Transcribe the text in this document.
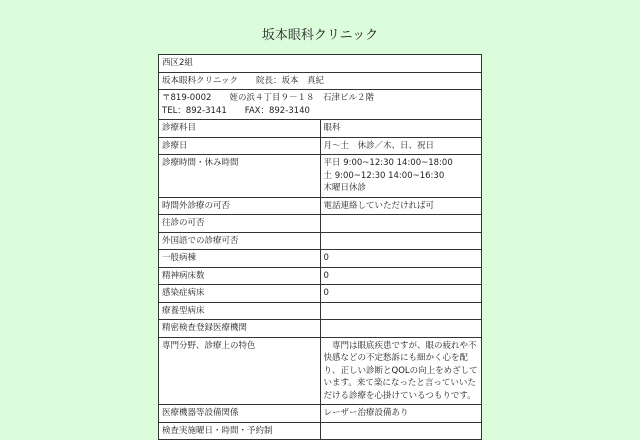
坂本眼科クリニック
西区2組	
坂本眼科クリニック 院長：坂本　真紀	

〒819-0002 姪の浜４丁目９－１８　石津ビル２階
TEL：892-3141 FAX：892-3140	

診療科目	眼科
診療日	月～土　休診／木、日、祝日
診療時間・休み時間	平日 9:00~12:30 14:00~18:00
土 9:00~12:30 14:00~16:30
木曜日休診

時間外診療の可否	電話連絡していただければ可
往診の可否	
外国語での診療可否	
一般病棟	0
精神病床数	0
感染症病床	0
療養型病床	
精密検査登録医療機関	
専門分野、診療上の特色	専門は眼底疾患ですが、眼の疲れや不快感などの不定愁訴にも細かく心を配り、正しい診断とQOLの向上をめざしています。来て楽になったと言っていいただける診療を心掛けているつもりです。
医療機器等設備関係	レーザー治療設備あり
検査実施曜日・時間・予約制	
